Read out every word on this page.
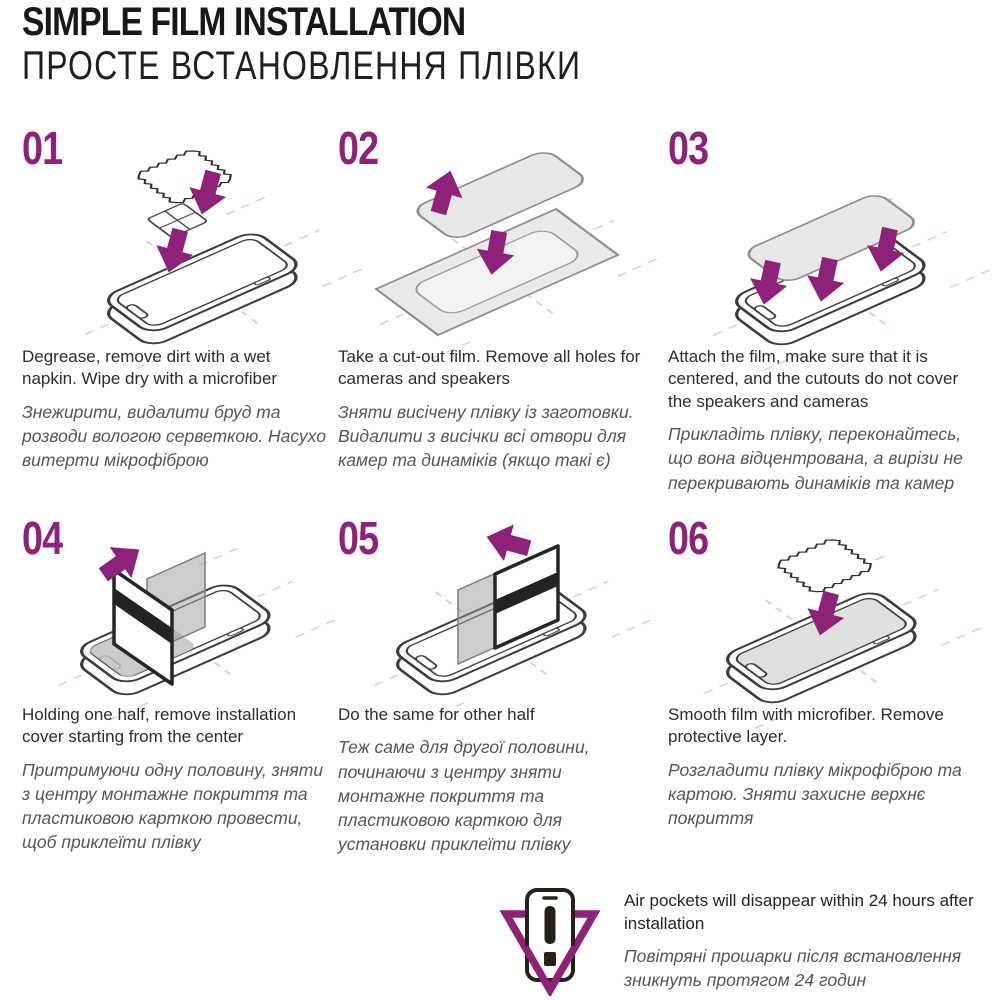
SIMPLE FILM INSTALLATION
ПРОСТЕ ВСТАНОВЛЕННЯ ПЛІВКИ
01
Degrease, remove dirt with a wet napkin. Wipe dry with a microfiber
Знежирити, видалити бруд та розводи вологою серветкою. Насухо витерти мікрофіброю
02
Take a cut-out film. Remove all holes for cameras and speakers
Зняти висічену плівку із заготовки. Видалити з висічки всі отвори для камер та динаміків (якщо такі є)
03
Attach the film, make sure that it is centered, and the cutouts do not cover the speakers and cameras
Прикладіть плівку, переконайтесь, що вона відцентрована, а вирізи не перекривають динаміків та камер
04
Holding one half, remove installation cover starting from the center
Притримуючи одну половину, зняти з центру монтажне покриття та пластиковою карткою провести, щоб приклеїти плівку
05
Do the same for other half
Теж саме для другої половини, починаючи з центру зняти монтажне покриття та пластиковою карткою для установки приклеїти плівку
06
Smooth film with microfiber. Remove protective layer.
Розгладити плівку мікрофіброю та картою. Зняти захисне верхнє покриття
Air pockets will disappear within 24 hours after installation
Повітряні прошарки після встановлення зникнуть протягом 24 годин
